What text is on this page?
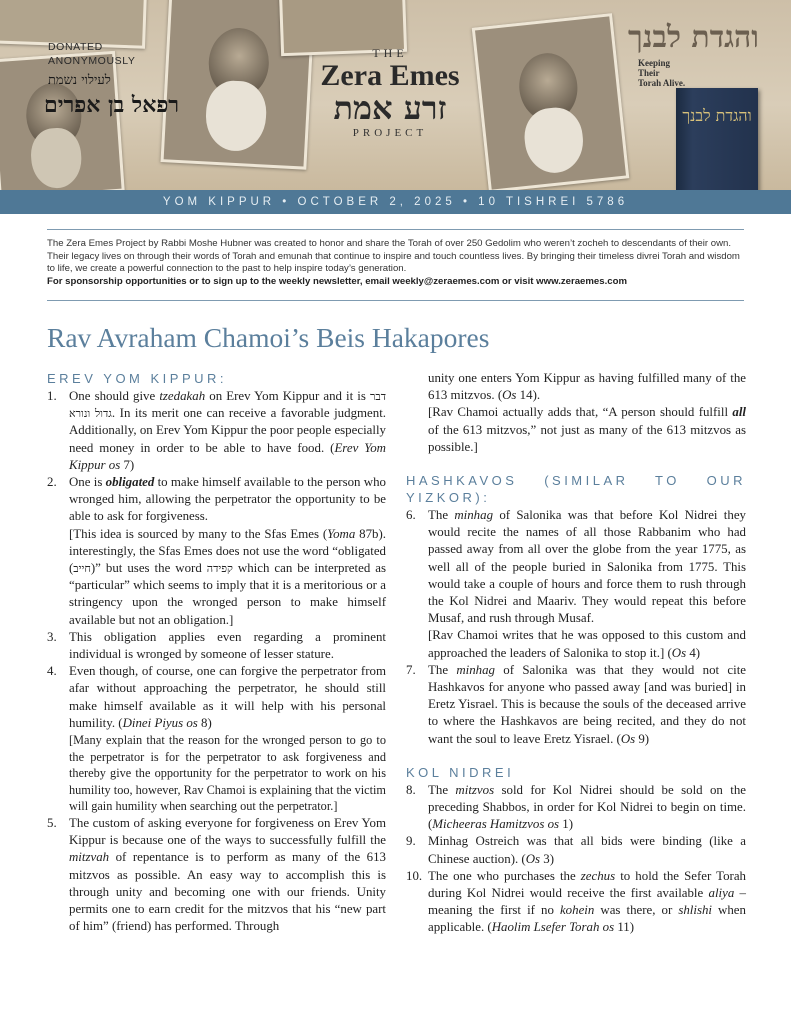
DONATED
ANONYMOUSLY
לעילוי נשמת
רפאל בן אפרים
THE
Zera Emes
זרע אמת
PROJECT
והגדת לבנך
Keeping
Their
Torah Alive.
והגדת לבנך
YOM KIPPUR • OCTOBER 2, 2025 • 10 TISHREI 5786
The Zera Emes Project by Rabbi Moshe Hubner was created to honor and share the Torah of over 250 Gedolim who weren’t zocheh to descendants of their own. Their legacy lives on through their words of Torah and emunah that continue to inspire and touch countless lives. By bringing their timeless divrei Torah and wisdom to life, we create a powerful connection to the past to help inspire today’s generation.
For sponsorship opportunities or to sign up to the weekly newsletter, email weekly@zeraemes.com or visit www.zeraemes.com
Rav Avraham Chamoi’s Beis Hakapores
EREV YOM KIPPUR:

1. One should give tzedakah on Erev Yom Kippur and it is דבר גדול ונורא. In its merit one can receive a favorable judgment. Additionally, on Erev Yom Kippur the poor people especially need money in order to be able to have food. (Erev Yom Kippur os 7)

2. One is obligated to make himself available to the person who wronged him, allowing the perpetrator the opportunity to be able to ask for forgiveness.
[This idea is sourced by many to the Sfas Emes (Yoma 87b). interestingly, the Sfas Emes does not use the word “obligated (חייב)” but uses the word קפידה which can be interpreted as “particular” which seems to imply that it is a meritorious or a stringency upon the wronged person to make himself available but not an obligation.]

3. This obligation applies even regarding a prominent individual is wronged by someone of lesser stature.

4. Even though, of course, one can forgive the perpetrator from afar without approaching the perpetrator, he should still make himself available as it will help with his personal humility. (Dinei Piyus os 8)
[Many explain that the reason for the wronged person to go to the perpetrator is for the perpetrator to ask forgiveness and thereby give the opportunity for the perpetrator to work on his humility too, however, Rav Chamoi is explaining that the victim will gain humility when searching out the perpetrator.]

5. The custom of asking everyone for forgiveness on Erev Yom Kippur is because one of the ways to successfully fulfill the mitzvah of repentance is to perform as many of the 613 mitzvos as possible. An easy way to accomplish this is through unity and becoming one with our friends. Unity permits one to earn credit for the mitzvos that his “new part of him” (friend) has performed. Through

unity one enters Yom Kippur as having fulfilled many of the 613 mitzvos. (Os 14).

[Rav Chamoi actually adds that, “A person should fulfill all of the 613 mitzvos,” not just as many of the 613 mitzvos as possible.]

HASHKAVOS (SIMILAR TO OUR YIZKOR):

6. The minhag of Salonika was that before Kol Nidrei they would recite the names of all those Rabbanim who had passed away from all over the globe from the year 1775, as well all of the people buried in Salonika from 1775. This would take a couple of hours and force them to rush through the Kol Nidrei and Maariv. They would repeat this before Musaf, and rush through Musaf.
[Rav Chamoi writes that he was opposed to this custom and approached the leaders of Salonika to stop it.] (Os 4)

7. The minhag of Salonika was that they would not cite Hashkavos for anyone who passed away [and was buried] in Eretz Yisrael. This is because the souls of the deceased arrive to where the Hashkavos are being recited, and they do not want the soul to leave Eretz Yisrael. (Os 9)

KOL NIDREI

8. The mitzvos sold for Kol Nidrei should be sold on the preceding Shabbos, in order for Kol Nidrei to begin on time. (Micheeras Hamitzvos os 1)

9. Minhag Ostreich was that all bids were binding (like a Chinese auction). (Os 3)

10. The one who purchases the zechus to hold the Sefer Torah during Kol Nidrei would receive the first available aliya – meaning the first if no kohein was there, or shlishi when applicable. (Haolim Lsefer Torah os 11)
